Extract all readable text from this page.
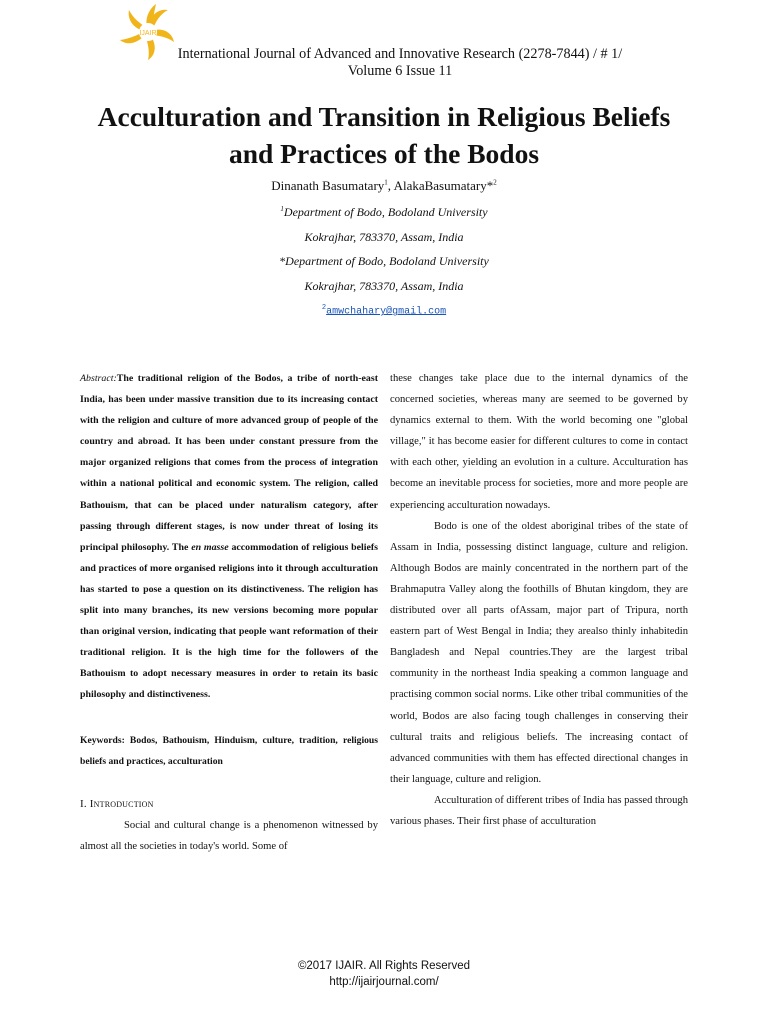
IJAIR
International Journal of Advanced and Innovative Research (2278-7844) / # 1/
Volume 6 Issue 11
Acculturation and Transition in Religious Beliefs
and Practices of the Bodos
Dinanath Basumatary$^1$, AlakaBasumatary*$^2$
$^1$Department of Bodo, Bodoland University
Kokrajhar, 783370, Assam, India
*Department of Bodo, Bodoland University
Kokrajhar, 783370, Assam, India
$^2$amwchahary@gmail.com

Abstract:The traditional religion of the Bodos, a tribe of north-east India, has been under massive transition due to its increasing contact with the religion and culture of more advanced group of people of the country and abroad. It has been under constant pressure from the major organized religions that comes from the process of integration within a national political and economic system. The religion, called Bathouism, that can be placed under naturalism category, after passing through different stages, is now under threat of losing its principal philosophy. The en masse accommodation of religious beliefs and practices of more organised religions into it through acculturation has started to pose a question on its distinctiveness. The religion has split into many branches, its new versions becoming more popular than original version, indicating that people want reformation of their traditional religion. It is the high time for the followers of the Bathouism to adopt necessary measures in order to retain its basic philosophy and distinctiveness.

Keywords: Bodos, Bathouism, Hinduism, culture, tradition, religious beliefs and practices, acculturation

I. Introduction

Social and cultural change is a phenomenon witnessed by almost all the societies in today's world. Some of

these changes take place due to the internal dynamics of the concerned societies, whereas many are seemed to be governed by dynamics external to them. With the world becoming one "global village," it has become easier for different cultures to come in contact with each other, yielding an evolution in a culture. Acculturation has become an inevitable process for societies, more and more people are experiencing acculturation nowadays.

Bodo is one of the oldest aboriginal tribes of the state of Assam in India, possessing distinct language, culture and religion. Although Bodos are mainly concentrated in the northern part of the Brahmaputra Valley along the foothills of Bhutan kingdom, they are distributed over all parts ofAssam, major part of Tripura, north eastern part of West Bengal in India; they arealso thinly inhabitedin Bangladesh and Nepal countries.They are the largest tribal community in the northeast India speaking a common language and practising common social norms. Like other tribal communities of the world, Bodos are also facing tough challenges in conserving their cultural traits and religious beliefs. The increasing contact of advanced communities with them has effected directional changes in their language, culture and religion.

Acculturation of different tribes of India has passed through various phases. Their first phase of acculturation

©2017 IJAIR. All Rights Reserved
http://ijairjournal.com/
